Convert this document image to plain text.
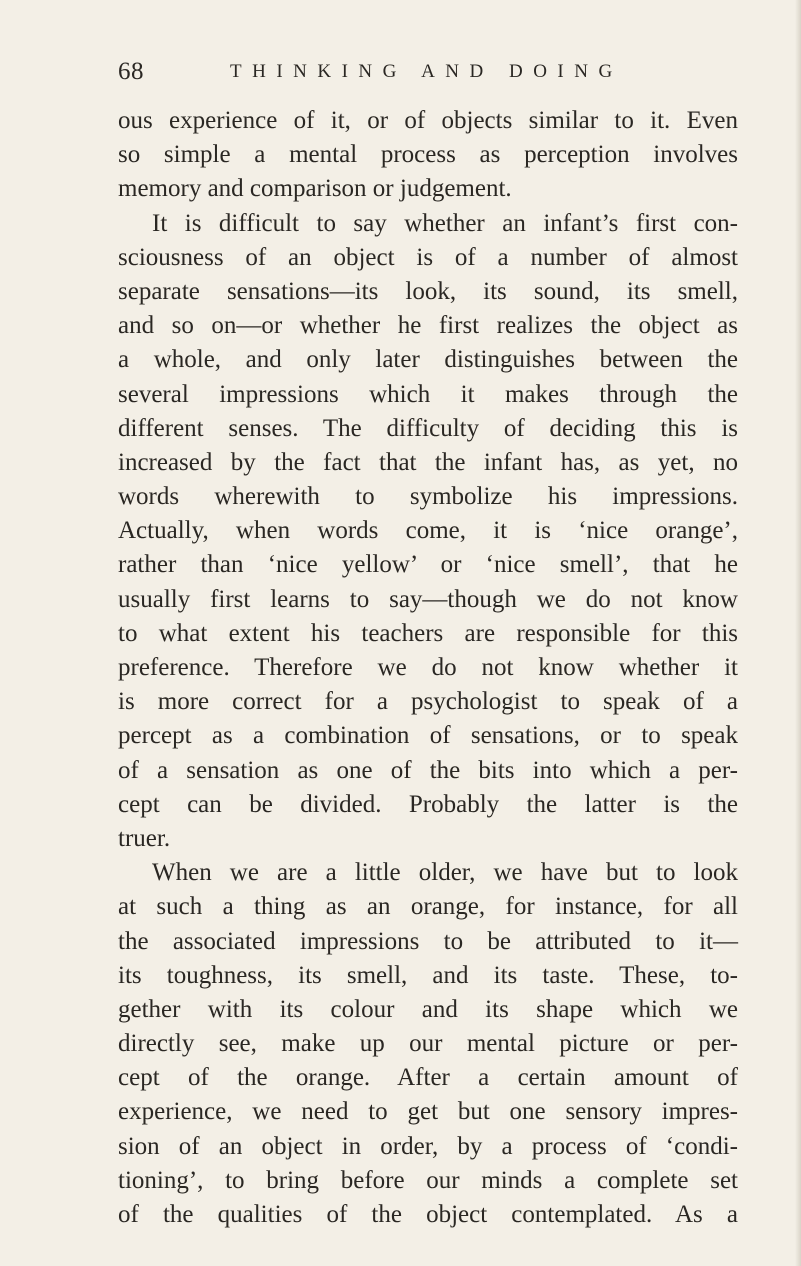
68	THINKING AND DOING
ous experience of it, or of objects similar to it. Even
so simple a mental process as perception involves
memory and comparison or judgement.
It is difficult to say whether an infant’s first con-
sciousness of an object is of a number of almost
separate sensations—its look, its sound, its smell,
and so on—or whether he first realizes the object as
a whole, and only later distinguishes between the
several impressions which it makes through the
different senses. The difficulty of deciding this is
increased by the fact that the infant has, as yet, no
words wherewith to symbolize his impressions.
Actually, when words come, it is ‘nice orange’,
rather than ‘nice yellow’ or ‘nice smell’, that he
usually first learns to say—though we do not know
to what extent his teachers are responsible for this
preference. Therefore we do not know whether it
is more correct for a psychologist to speak of a
percept as a combination of sensations, or to speak
of a sensation as one of the bits into which a per-
cept can be divided. Probably the latter is the
truer.
When we are a little older, we have but to look
at such a thing as an orange, for instance, for all
the associated impressions to be attributed to it—
its toughness, its smell, and its taste. These, to-
gether with its colour and its shape which we
directly see, make up our mental picture or per-
cept of the orange. After a certain amount of
experience, we need to get but one sensory impres-
sion of an object in order, by a process of ‘condi-
tioning’, to bring before our minds a complete set
of the qualities of the object contemplated. As a
